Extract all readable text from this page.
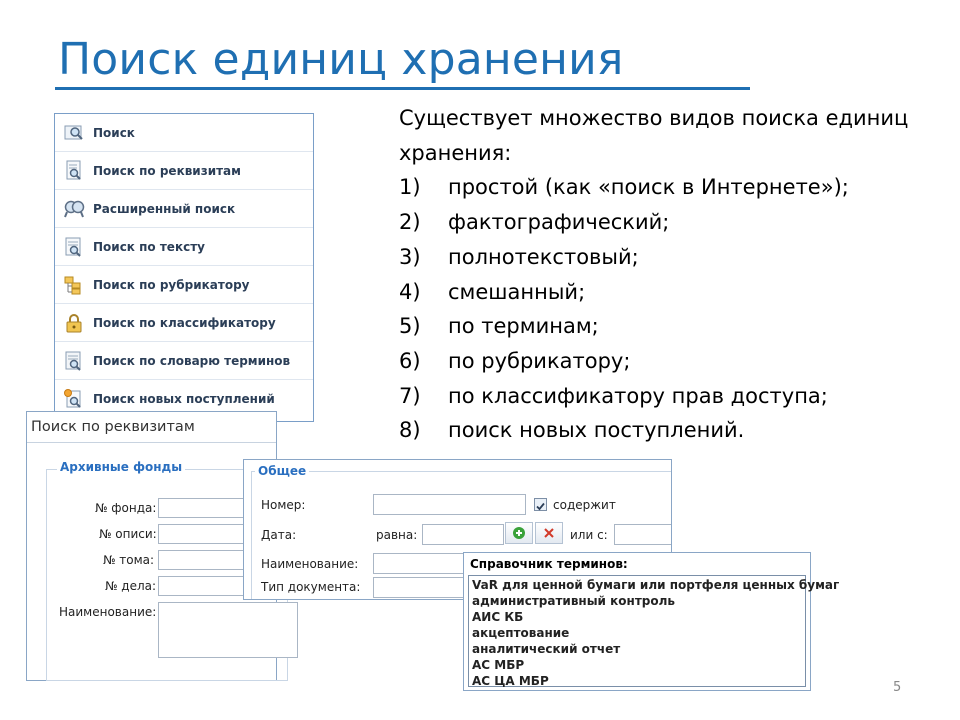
Поиск единиц хранения
Существует множество видов поиска единиц хранения:
1)	простой (как «поиск в Интернете»);
2)	фактографический;
3)	полнотекстовый;
4)	смешанный;
5)	по терминам;
6)	по рубрикатору;
7)	по классификатору прав доступа;
8)	поиск новых поступлений.
Поиск
Поиск по реквизитам
Расширенный поиск
Поиск по тексту
Поиск по рубрикатору
Поиск по классификатору
Поиск по словарю терминов
Поиск новых поступлений
Поиск по реквизитам
Архивные фонды
№ фонда:
№ описи:
№ тома:
№ дела:
Наименование:
Общее
Номер:	содержит
Дата:	равна:	или с:
Наименование:
Тип документа:
Справочник терминов:
VaR для ценной бумаги или портфеля ценных бумаг
административный контроль
АИС КБ
акцептование
аналитический отчет
АС МБР
АС ЦА МБР	5
